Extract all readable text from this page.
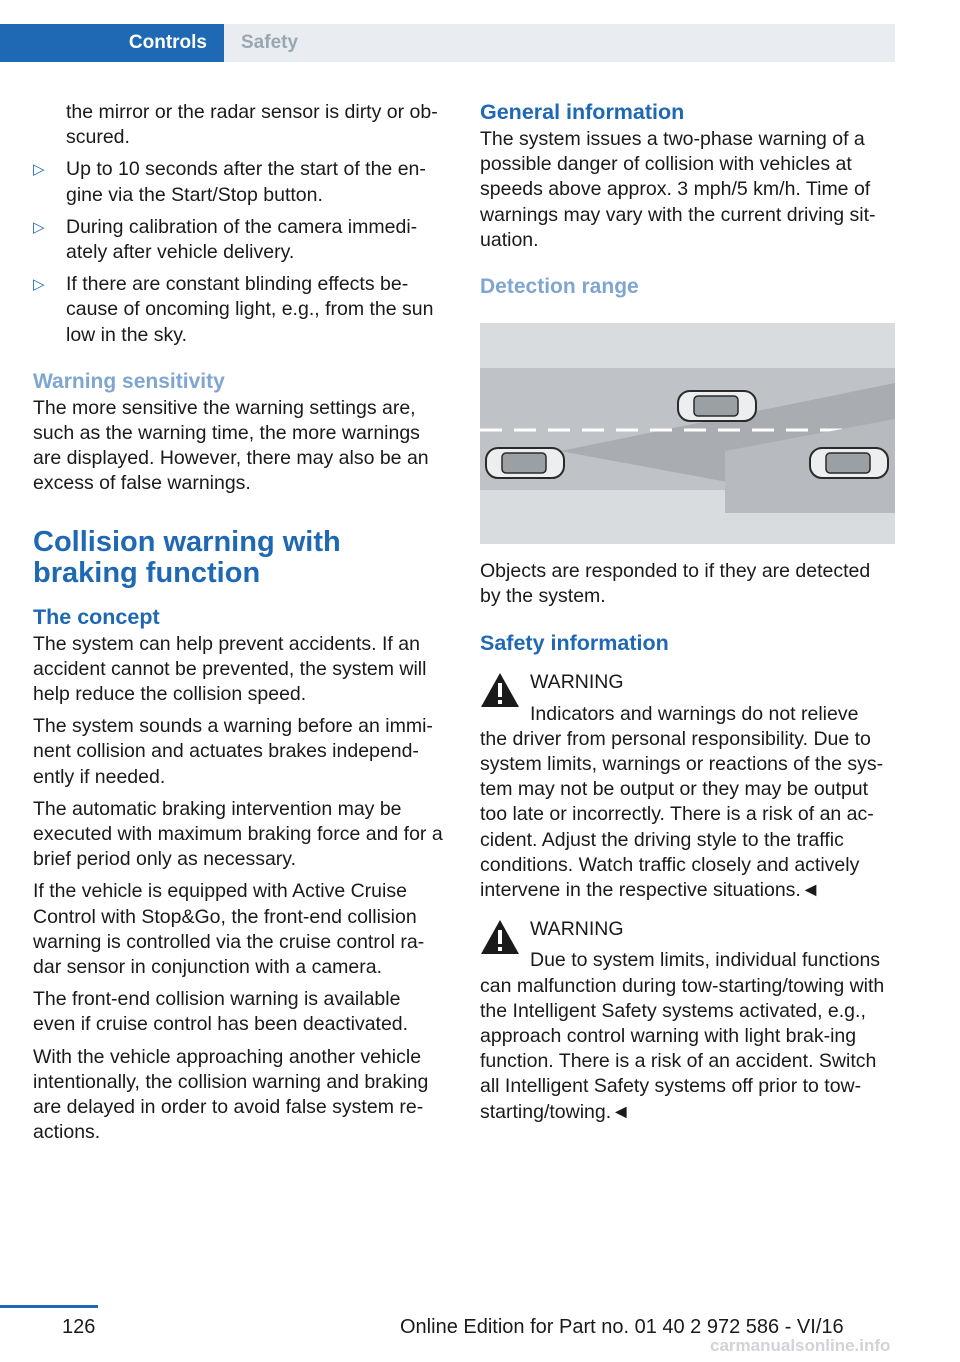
Controls Safety
the mirror or the radar sensor is dirty or ob-scured.
▷ Up to 10 seconds after the start of the en-gine via the Start/Stop button.
▷ During calibration of the camera immedi-ately after vehicle delivery.
▷ If there are constant blinding effects be-cause of oncoming light, e.g., from the sun low in the sky.
Warning sensitivity

The more sensitive the warning settings are, such as the warning time, the more warnings are displayed. However, there may also be an excess of false warnings.

Collision warning with braking function
The concept

The system can help prevent accidents. If an accident cannot be prevented, the system will help reduce the collision speed.

The system sounds a warning before an immi-nent collision and actuates brakes independ-ently if needed.

The automatic braking intervention may be executed with maximum braking force and for a brief period only as necessary.

If the vehicle is equipped with Active Cruise Control with Stop&Go, the front-end collision warning is controlled via the cruise control ra-dar sensor in conjunction with a camera.

The front-end collision warning is available even if cruise control has been deactivated.

With the vehicle approaching another vehicle intentionally, the collision warning and braking are delayed in order to avoid false system re-actions.

General information

The system issues a two-phase warning of a possible danger of collision with vehicles at speeds above approx. 3 mph/5 km/h. Time of warnings may vary with the current driving sit-uation.

Detection range

Objects are responded to if they are detected by the system.

Safety information
WARNING
Indicators and warnings do not relieve

the driver from personal responsibility. Due to system limits, warnings or reactions of the sys-tem may not be output or they may be output too late or incorrectly. There is a risk of an ac-cident. Adjust the driving style to the traffic conditions. Watch traffic closely and actively intervene in the respective situations.◄

WARNING
Due to system limits, individual functions

can malfunction during tow-starting/towing with the Intelligent Safety systems activated, e.g., approach control warning with light brak-ing function. There is a risk of an accident. Switch all Intelligent Safety systems off prior to tow-starting/towing.◄

126	Online Edition for Part no. 01 40 2 972 586 - VI/16
carmanualsonline.info
